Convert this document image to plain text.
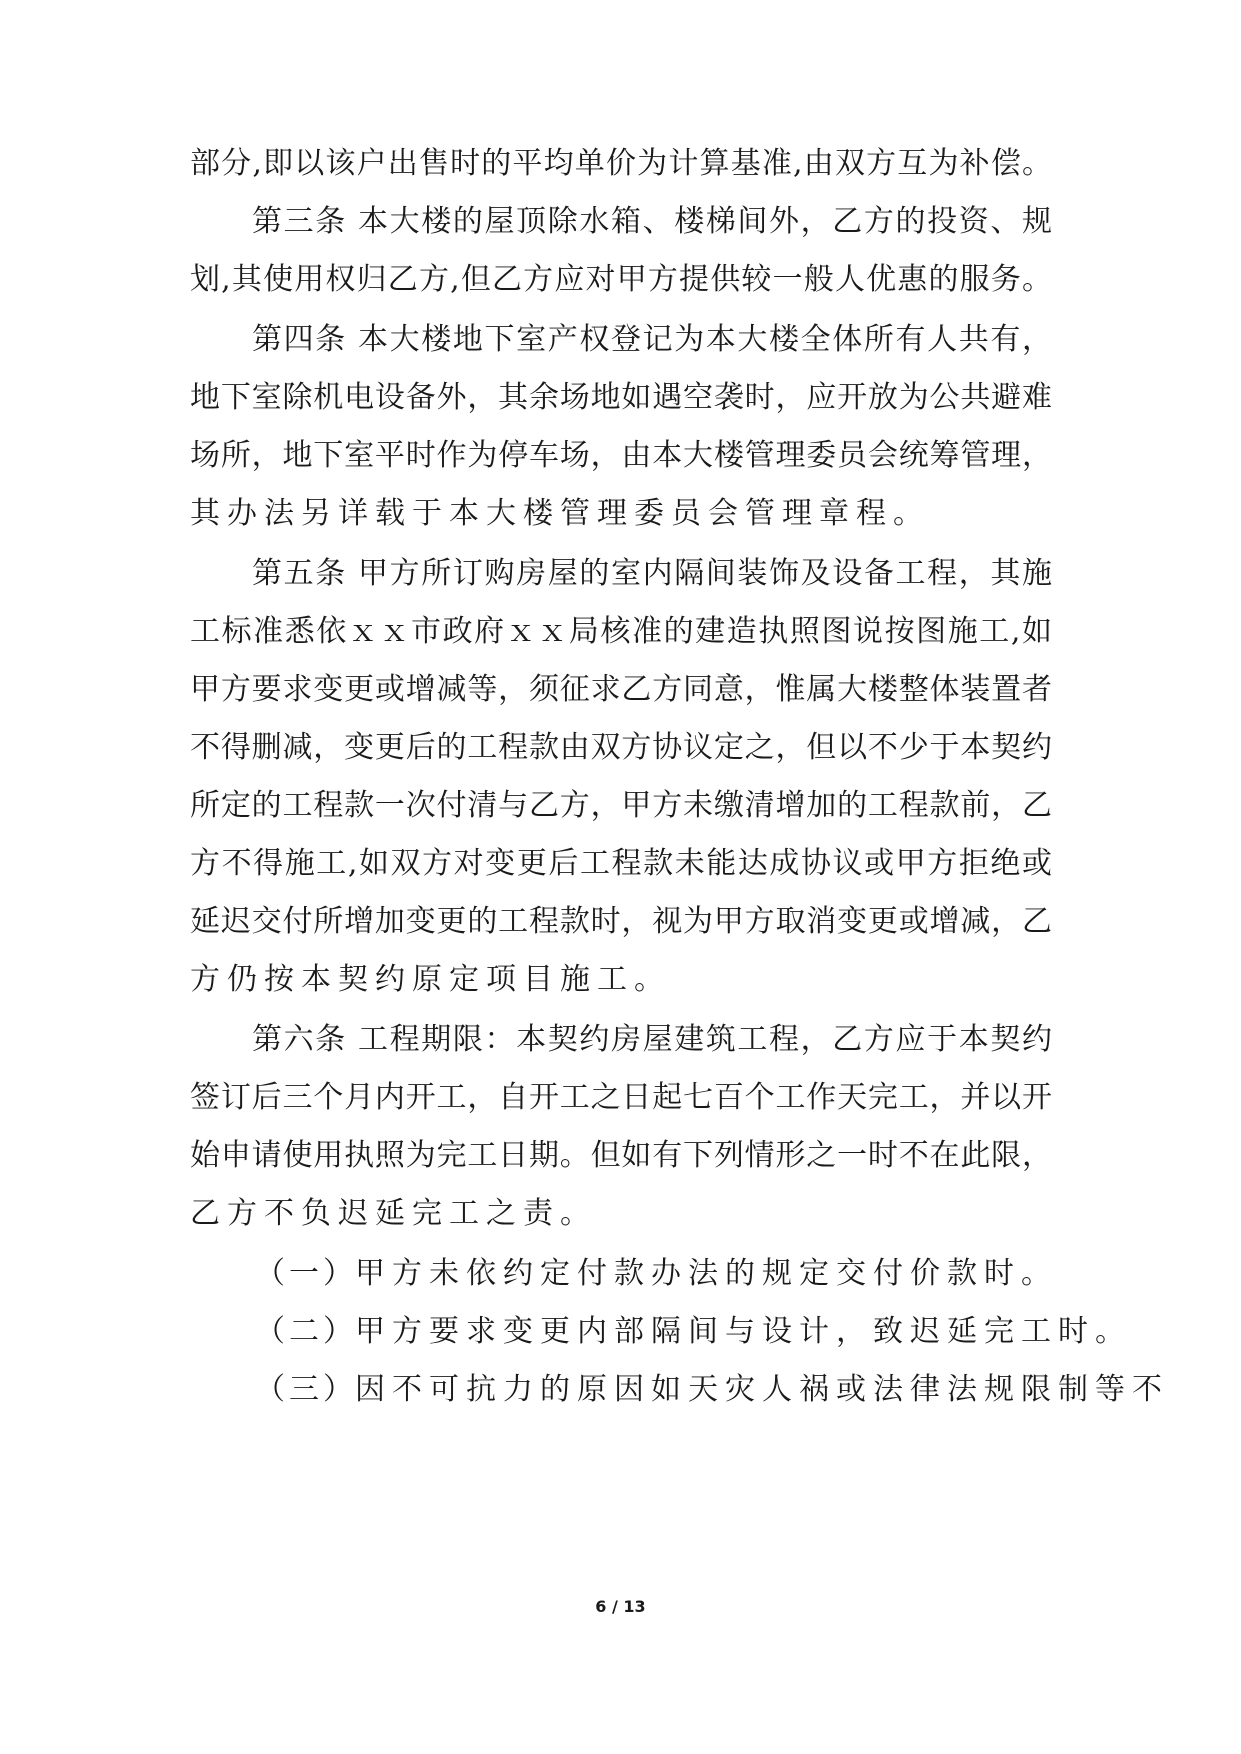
部分,即以该户出售时的平均单价为计算基准,由双方互为补偿。
第三条 本大楼的屋顶除水箱、楼梯间外，乙方的投资、规
划,其使用权归乙方,但乙方应对甲方提供较一般人优惠的服务。
第四条 本大楼地下室产权登记为本大楼全体所有人共有，
地下室除机电设备外，其余场地如遇空袭时，应开放为公共避难
场所，地下室平时作为停车场，由本大楼管理委员会统筹管理，
其办法另详载于本大楼管理委员会管理章程。
第五条 甲方所订购房屋的室内隔间装饰及设备工程，其施
工标准悉依ｘｘ市政府ｘｘ局核准的建造执照图说按图施工,如
甲方要求变更或增减等，须征求乙方同意，惟属大楼整体装置者
不得删减，变更后的工程款由双方协议定之，但以不少于本契约
所定的工程款一次付清与乙方，甲方未缴清增加的工程款前，乙
方不得施工,如双方对变更后工程款未能达成协议或甲方拒绝或
延迟交付所增加变更的工程款时，视为甲方取消变更或增减，乙
方仍按本契约原定项目施工。
第六条 工程期限：本契约房屋建筑工程，乙方应于本契约
签订后三个月内开工，自开工之日起七百个工作天完工，并以开
始申请使用执照为完工日期。但如有下列情形之一时不在此限，
乙方不负迟延完工之责。
（一）甲方未依约定付款办法的规定交付价款时。
（二）甲方要求变更内部隔间与设计，致迟延完工时。
（三）因不可抗力的原因如天灾人祸或法律法规限制等不
6 / 13
